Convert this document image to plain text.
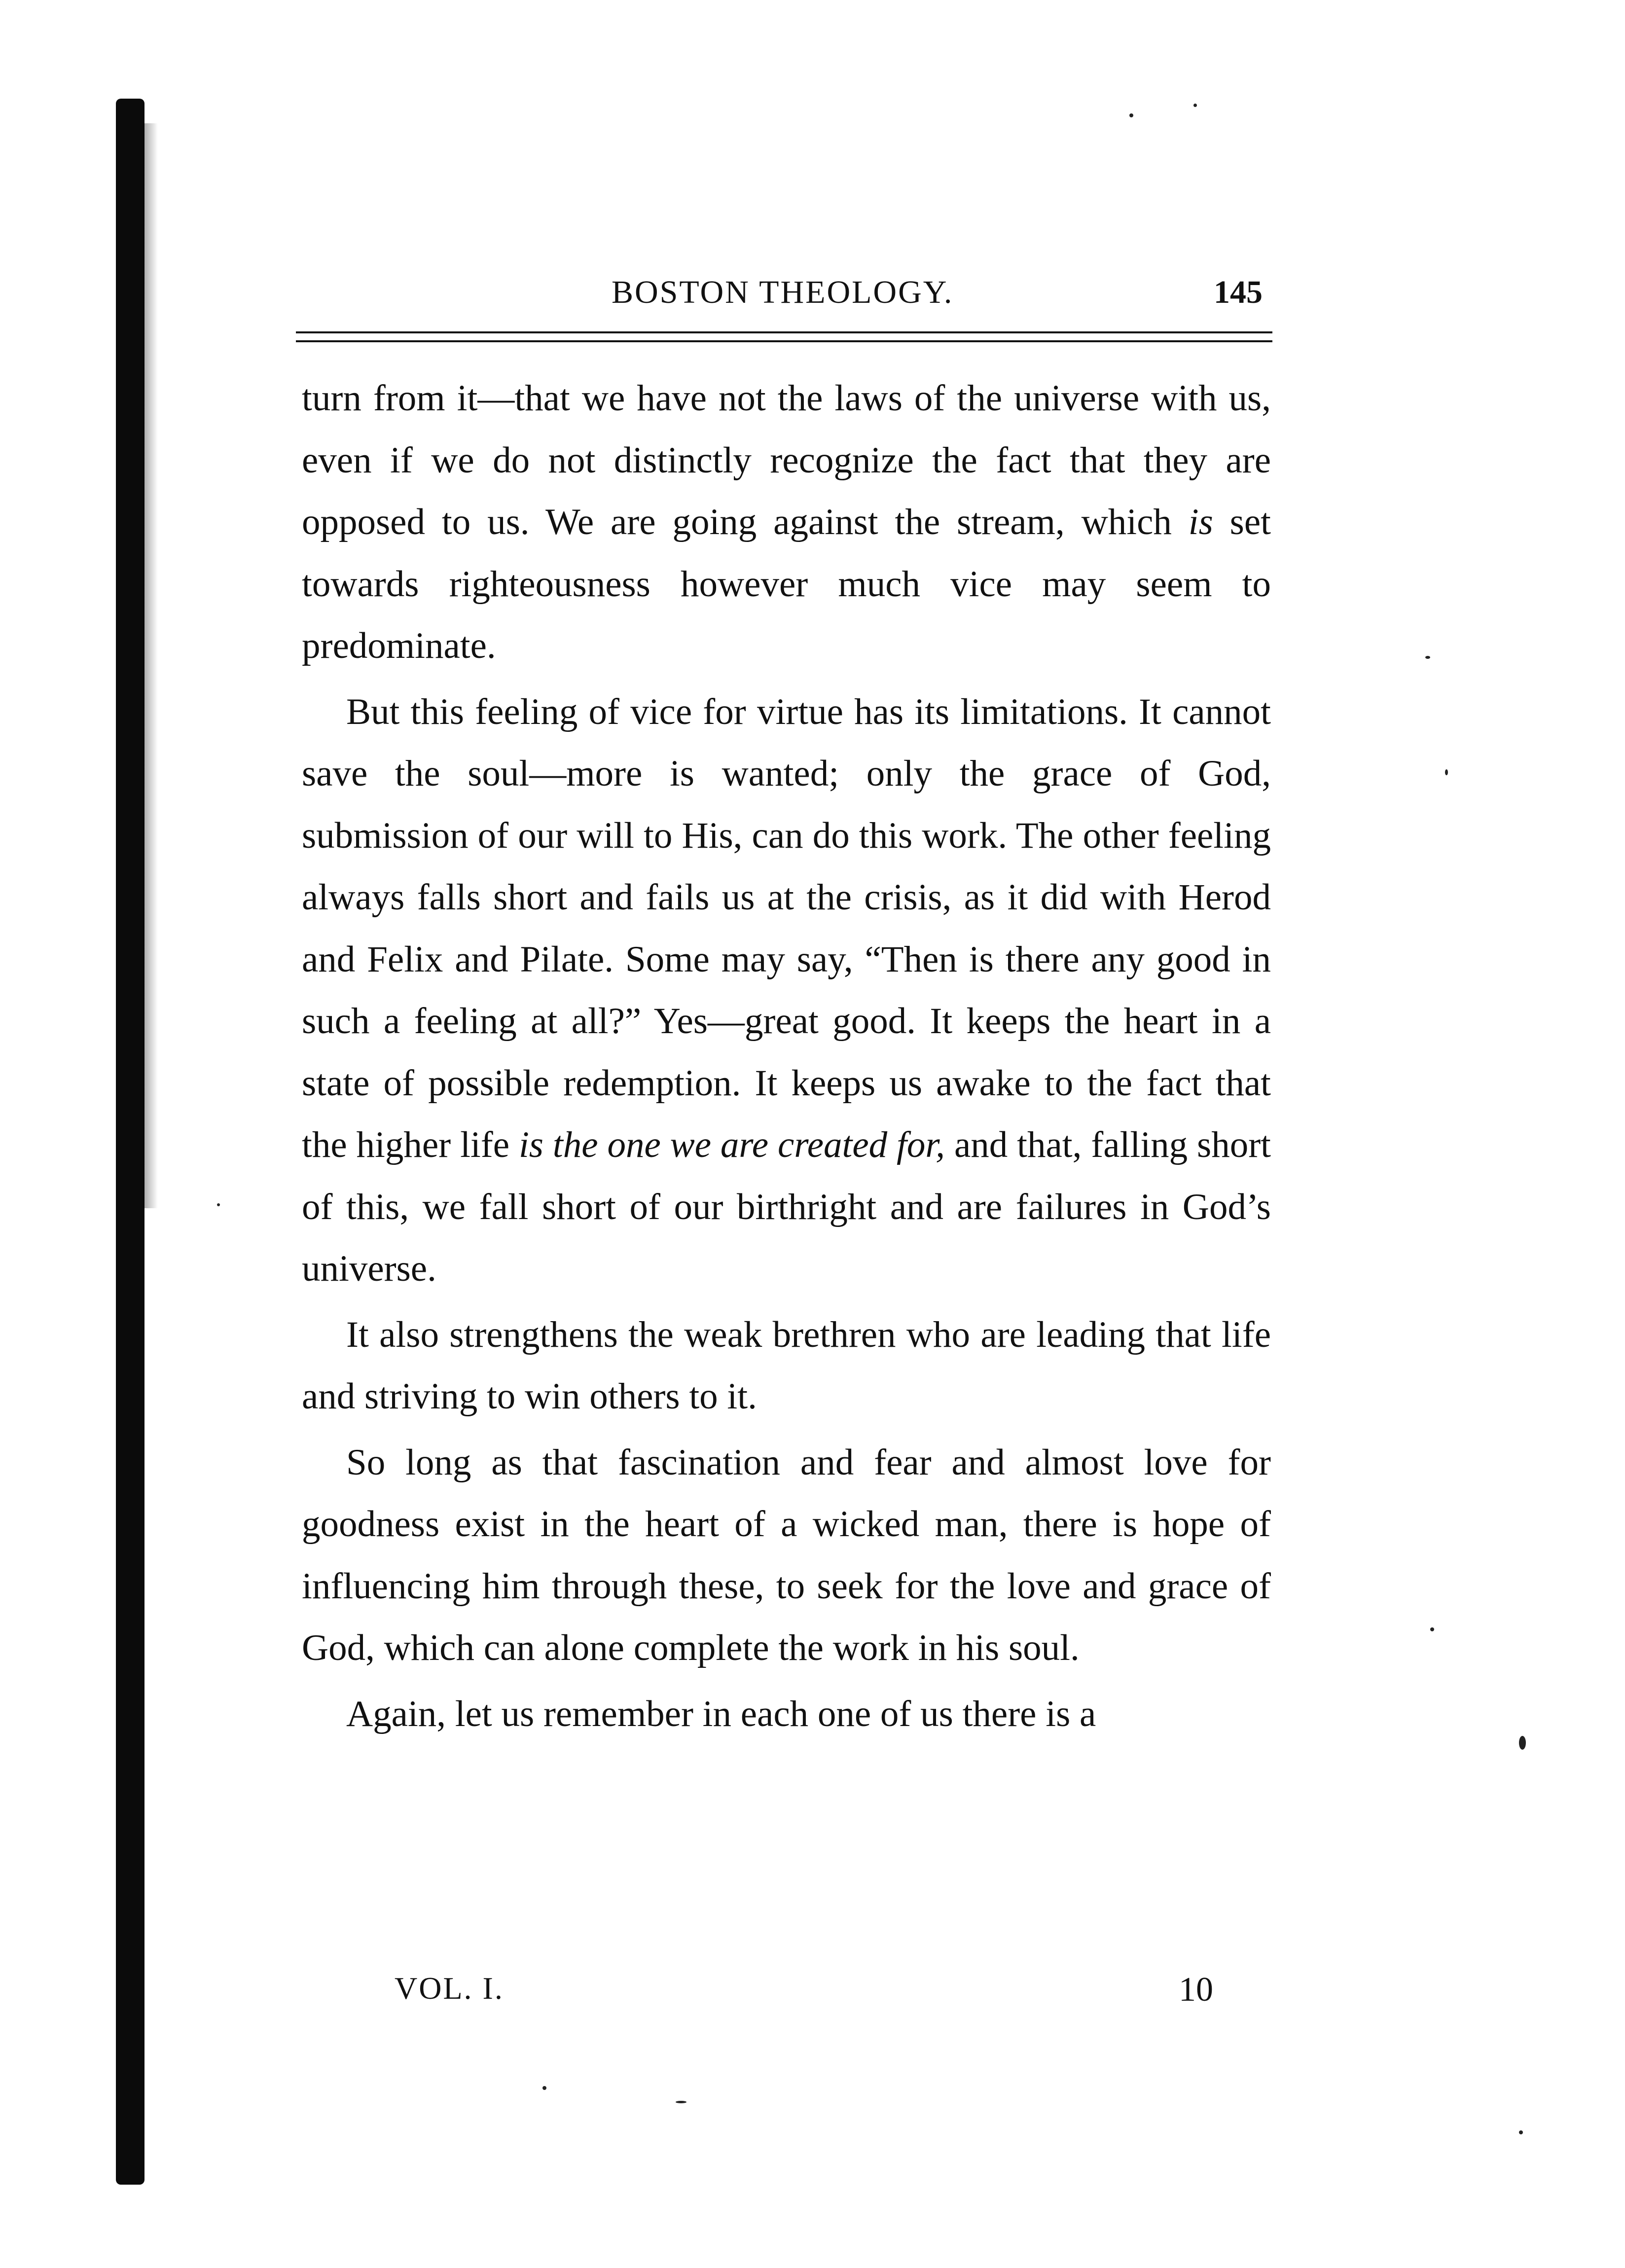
BOSTON THEOLOGY.	145

turn from it—that we have not the laws of the universe with us, even if we do not distinctly recognize the fact that they are opposed to us. We are going against the stream, which is set towards righteousness however much vice may seem to predominate.

But this feeling of vice for virtue has its limitations. It cannot save the soul—more is wanted; only the grace of God, submission of our will to His, can do this work. The other feeling always falls short and fails us at the crisis, as it did with Herod and Felix and Pilate. Some may say, “Then is there any good in such a feeling at all?” Yes—great good. It keeps the heart in a state of possible redemption. It keeps us awake to the fact that the higher life is the one we are created for, and that, falling short of this, we fall short of our birthright and are failures in God’s universe.

It also strengthens the weak brethren who are leading that life and striving to win others to it.

So long as that fascination and fear and almost love for goodness exist in the heart of a wicked man, there is hope of influencing him through these, to seek for the love and grace of God, which can alone complete the work in his soul.

Again, let us remember in each one of us there is a

VOL. I.	10
